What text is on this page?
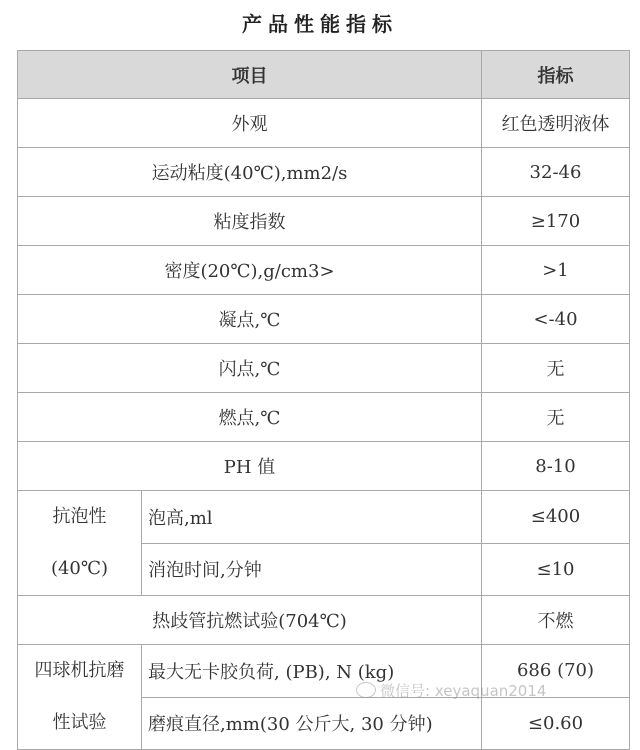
产品性能指标
项目		指标
外观		红色透明液体
运动粘度(40℃),mm2/s		32-46
粘度指数		≥170
密度(20℃),g/cm3>		>1
凝点,℃		<-40
闪点,℃		无
燃点,℃		无
PH 值		8-10

抗泡性
(40℃)	泡高,ml	≤400
	消泡时间,分钟	≤10
热歧管抗燃试验(704℃)		不燃

四球机抗磨
性试验	最大无卡胶负荷, (PB), N (kg)	686 (70)
	磨痕直径,mm(30 公斤大, 30 分钟)	≤0.60
微信号: xeyaquan2014
